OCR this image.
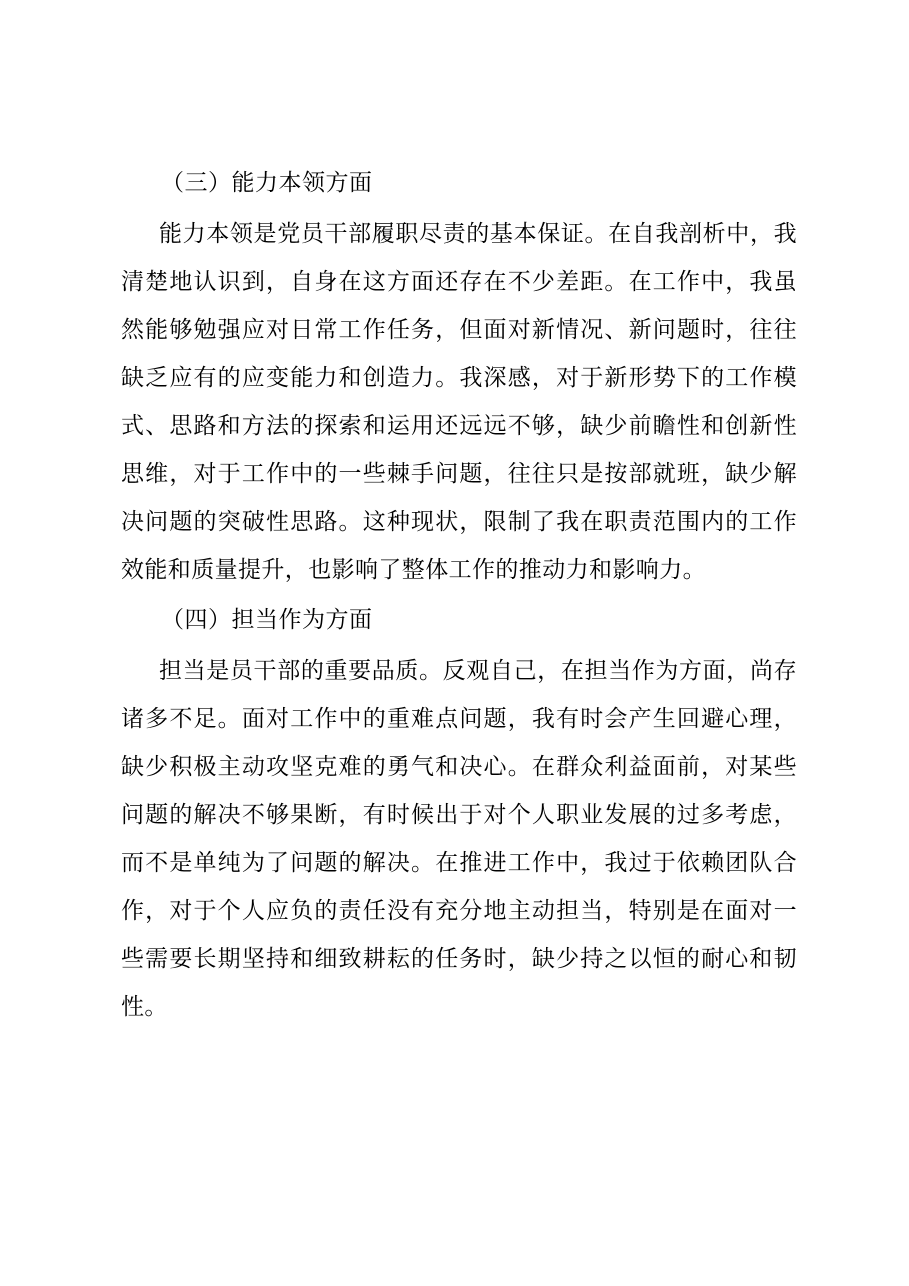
（三）能力本领方面

能力本领是党员干部履职尽责的基本保证。在自我剖析中，我清楚地认识到，自身在这方面还存在不少差距。在工作中，我虽然能够勉强应对日常工作任务，但面对新情况、新问题时，往往缺乏应有的应变能力和创造力。我深感，对于新形势下的工作模式、思路和方法的探索和运用还远远不够，缺少前瞻性和创新性思维，对于工作中的一些棘手问题，往往只是按部就班，缺少解决问题的突破性思路。这种现状，限制了我在职责范围内的工作效能和质量提升，也影响了整体工作的推动力和影响力。

（四）担当作为方面

担当是员干部的重要品质。反观自己，在担当作为方面，尚存诸多不足。面对工作中的重难点问题，我有时会产生回避心理，缺少积极主动攻坚克难的勇气和决心。在群众利益面前，对某些问题的解决不够果断，有时候出于对个人职业发展的过多考虑，而不是单纯为了问题的解决。在推进工作中，我过于依赖团队合作，对于个人应负的责任没有充分地主动担当，特别是在面对一些需要长期坚持和细致耕耘的任务时，缺少持之以恒的耐心和韧性。
